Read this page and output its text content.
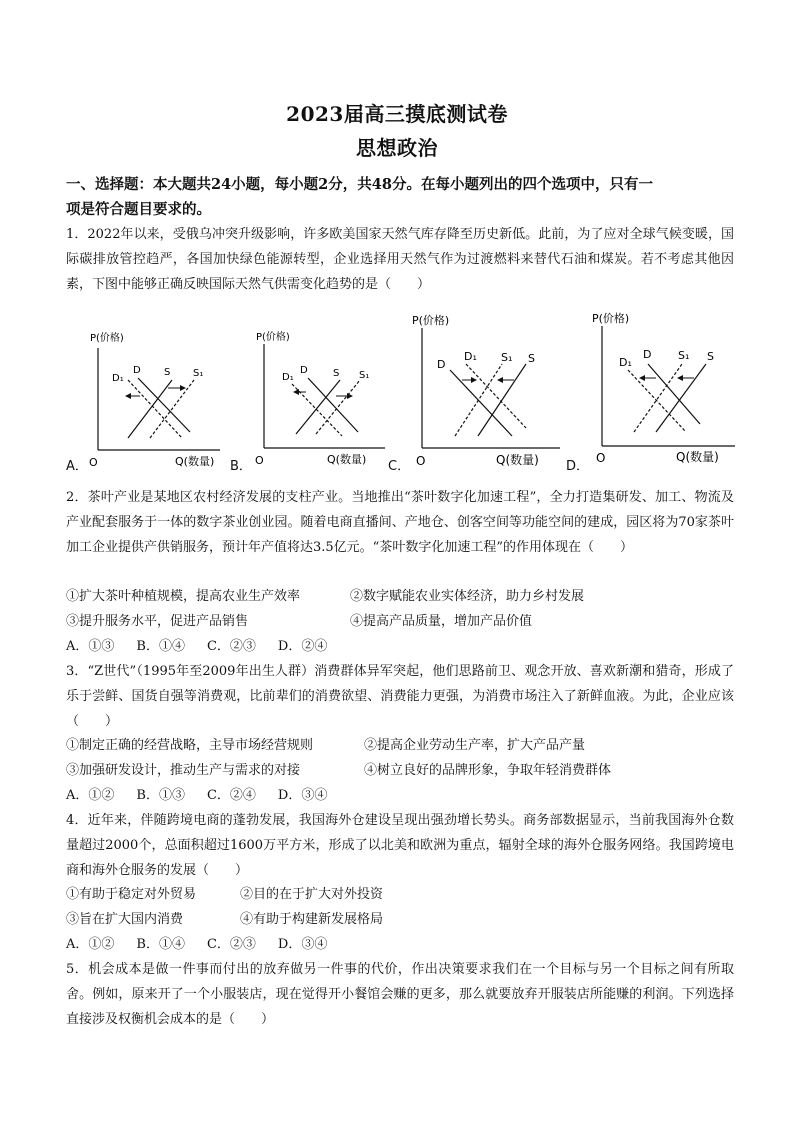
2023届高三摸底测试卷
思想政治
一、选择题：本大题共24小题，每小题2分，共48分。在每小题列出的四个选项中，只有一
项是符合题目要求的。
1．2022年以来，受俄乌冲突升级影响，许多欧美国家天然气库存降至历史新低。此前，为了应对全球气候变暖，国际碳排放管控趋严，各国加快绿色能源转型，企业选择用天然气作为过渡燃料来替代石油和煤炭。若不考虑其他因素，下图中能够正确反映国际天然气供需变化趋势的是（　　）
P(价格)
O	Q(数量)
D₁
D S S₁
P(价格)
O	Q(数量)
D₁
D	S S₁
P(价格)
O	Q(数量)
D
D₁ S₁ S
P(价格)
O	Q(数量)
D₁
D S₁ S
A．	B．	C．	D．
2．茶叶产业是某地区农村经济发展的支柱产业。当地推出“茶叶数字化加速工程”，全力打造集研发、加工、物流及产业配套服务于一体的数字茶业创业园。随着电商直播间、产地仓、创客空间等功能空间的建成，园区将为70家茶叶加工企业提供产供销服务，预计年产值将达3.5亿元。“茶叶数字化加速工程”的作用体现在（　　）
①扩大茶叶种植规模，提高农业生产效率	②数字赋能农业实体经济，助力乡村发展
③提升服务水平，促进产品销售	④提高产品质量，增加产品价值
A．①③ B．①④ C．②③ D．②④
3．“Z世代”（1995年至2009年出生人群）消费群体异军突起，他们思路前卫、观念开放、喜欢新潮和猎奇，形成了乐于尝鲜、国货自强等消费观，比前辈们的消费欲望、消费能力更强，为消费市场注入了新鲜血液。为此，企业应该（　　）
①制定正确的经营战略，主导市场经营规则	②提高企业劳动生产率，扩大产品产量
③加强研发设计，推动生产与需求的对接	④树立良好的品牌形象，争取年轻消费群体
A．①② B．①③ C．②④ D．③④
4．近年来，伴随跨境电商的蓬勃发展，我国海外仓建设呈现出强劲增长势头。商务部数据显示，当前我国海外仓数量超过2000个，总面积超过1600万平方米，形成了以北美和欧洲为重点，辐射全球的海外仓服务网络。我国跨境电商和海外仓服务的发展（　　）
①有助于稳定对外贸易	②目的在于扩大对外投资
③旨在扩大国内消费	④有助于构建新发展格局
A．①② B．①④ C．②③ D．③④
5．机会成本是做一件事而付出的放弃做另一件事的代价，作出决策要求我们在一个目标与另一个目标之间有所取舍。例如，原来开了一个小服装店，现在觉得开小餐馆会赚的更多，那么就要放弃开服装店所能赚的利润。下列选择直接涉及权衡机会成本的是（　　）
